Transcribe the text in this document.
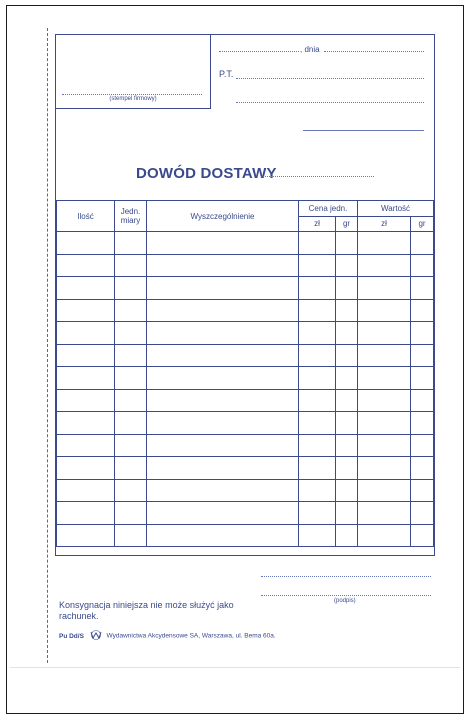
(stempel firmowy)
, dnia
P.T.
DOWÓD DOSTAWY
Ilość	Jedn. miary	Wyszczególnienie	Cena jedn.		Wartość	
			zł	gr	zł	gr

(podpis)
Konsygnacja niniejsza nie może służyć jako rachunek.
Pu Dd/S	Wydawnictwa Akcydensowe SA, Warszawa, ul. Bema 60a.
